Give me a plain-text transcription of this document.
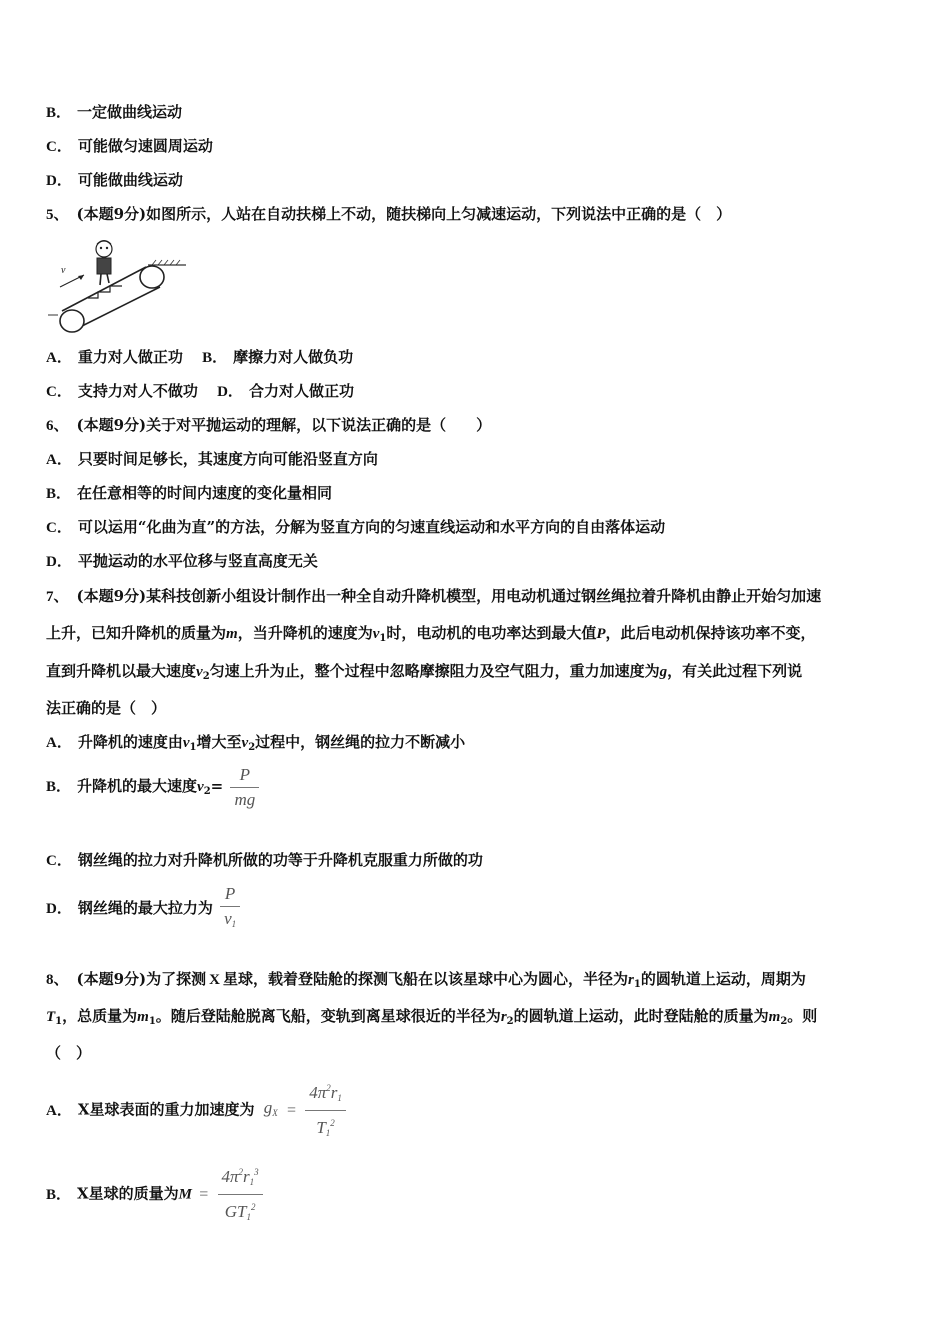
B． 一定做曲线运动
C． 可能做匀速圆周运动
D． 可能做曲线运动
5、 (本题9分)如图所示，人站在自动扶梯上不动，随扶梯向上匀减速运动，下列说法中正确的是（　）
v
A． 重力对人做正功 B． 摩擦力对人做负功
C． 支持力对人不做功 D． 合力对人做正功
6、 (本题9分)关于对平抛运动的理解，以下说法正确的是（　　）
A． 只要时间足够长，其速度方向可能沿竖直方向
B． 在任意相等的时间内速度的变化量相同
C． 可以运用“化曲为直”的方法，分解为竖直方向的匀速直线运动和水平方向的自由落体运动
D． 平抛运动的水平位移与竖直高度无关
7、 (本题9分)某科技创新小组设计制作出一种全自动升降机模型，用电动机通过钢丝绳拉着升降机由静止开始匀加速
上升，已知升降机的质量为m，当升降机的速度为$v_1$时，电动机的电功率达到最大值P，此后电动机保持该功率不变，
直到升降机以最大速度$v_2$匀速上升为止，整个过程中忽略摩擦阻力及空气阻力，重力加速度为g，有关此过程下列说
法正确的是（　）
A． 升降机的速度由$v_1$增大至$v_2$过程中，钢丝绳的拉力不断减小
B． 升降机的最大速度$v_2= \frac{P}{mg}$
C． 钢丝绳的拉力对升降机所做的功等于升降机克服重力所做的功
D． 钢丝绳的最大拉力为 $\frac{P}{v_1}$
8、 (本题9分)为了探测 X 星球，载着登陆舱的探测飞船在以该星球中心为圆心，半径为$r_1$的圆轨道上运动，周期为
$T_1$，总质量为$m_1$。随后登陆舱脱离飞船，变轨到离星球很近的半径为$r_2$的圆轨道上运动，此时登陆舱的质量为$m_2$。则
（　）
A． X星球表面的重力加速度为 $g_X = \frac{4\pi^2r_1}{T_1^2}$
B． X星球的质量为$M = \frac{4\pi^2r_1^3}{GT_1^2}$
